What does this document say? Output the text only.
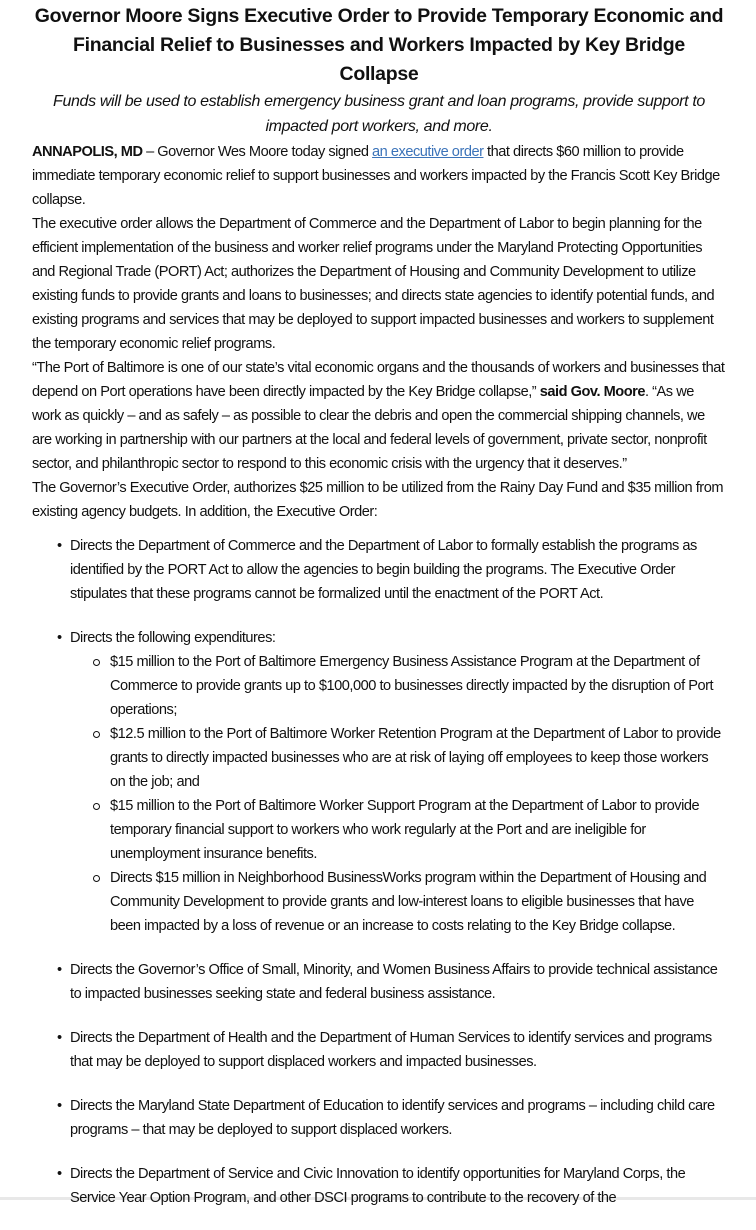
Governor Moore Signs Executive Order to Provide Temporary Economic and Financial Relief to Businesses and Workers Impacted by Key Bridge Collapse

Funds will be used to establish emergency business grant and loan programs, provide support to impacted port workers, and more.

ANNAPOLIS, MD – Governor Wes Moore today signed an executive order that directs $60 million to provide immediate temporary economic relief to support businesses and workers impacted by the Francis Scott Key Bridge collapse.

The executive order allows the Department of Commerce and the Department of Labor to begin planning for the efficient implementation of the business and worker relief programs under the Maryland Protecting Opportunities and Regional Trade (PORT) Act; authorizes the Department of Housing and Community Development to utilize existing funds to provide grants and loans to businesses; and directs state agencies to identify potential funds, and existing programs and services that may be deployed to support impacted businesses and workers to supplement the temporary economic relief programs.

“The Port of Baltimore is one of our state’s vital economic organs and the thousands of workers and businesses that depend on Port operations have been directly impacted by the Key Bridge collapse,” said Gov. Moore. “As we work as quickly – and as safely – as possible to clear the debris and open the commercial shipping channels, we are working in partnership with our partners at the local and federal levels of government, private sector, nonprofit sector, and philanthropic sector to respond to this economic crisis with the urgency that it deserves.”

The Governor’s Executive Order, authorizes $25 million to be utilized from the Rainy Day Fund and $35 million from existing agency budgets. In addition, the Executive Order:

• Directs the Department of Commerce and the Department of Labor to formally establish the programs as identified by the PORT Act to allow the agencies to begin building the programs. The Executive Order stipulates that these programs cannot be formalized until the enactment of the PORT Act.
• Directs the following expenditures:
$15 million to the Port of Baltimore Emergency Business Assistance Program at the Department of Commerce to provide grants up to $100,000 to businesses directly impacted by the disruption of Port operations;
$12.5 million to the Port of Baltimore Worker Retention Program at the Department of Labor to provide grants to directly impacted businesses who are at risk of laying off employees to keep those workers on the job; and
$15 million to the Port of Baltimore Worker Support Program at the Department of Labor to provide temporary financial support to workers who work regularly at the Port and are ineligible for unemployment insurance benefits.
Directs $15 million in Neighborhood BusinessWorks program within the Department of Housing and Community Development to provide grants and low-interest loans to eligible businesses that have been impacted by a loss of revenue or an increase to costs relating to the Key Bridge collapse.
• Directs the Governor’s Office of Small, Minority, and Women Business Affairs to provide technical assistance to impacted businesses seeking state and federal business assistance.
• Directs the Department of Health and the Department of Human Services to identify services and programs that may be deployed to support displaced workers and impacted businesses.
• Directs the Maryland State Department of Education to identify services and programs – including child care programs – that may be deployed to support displaced workers.
• Directs the Department of Service and Civic Innovation to identify opportunities for Maryland Corps, the Service Year Option Program, and other DSCI programs to contribute to the recovery of the
